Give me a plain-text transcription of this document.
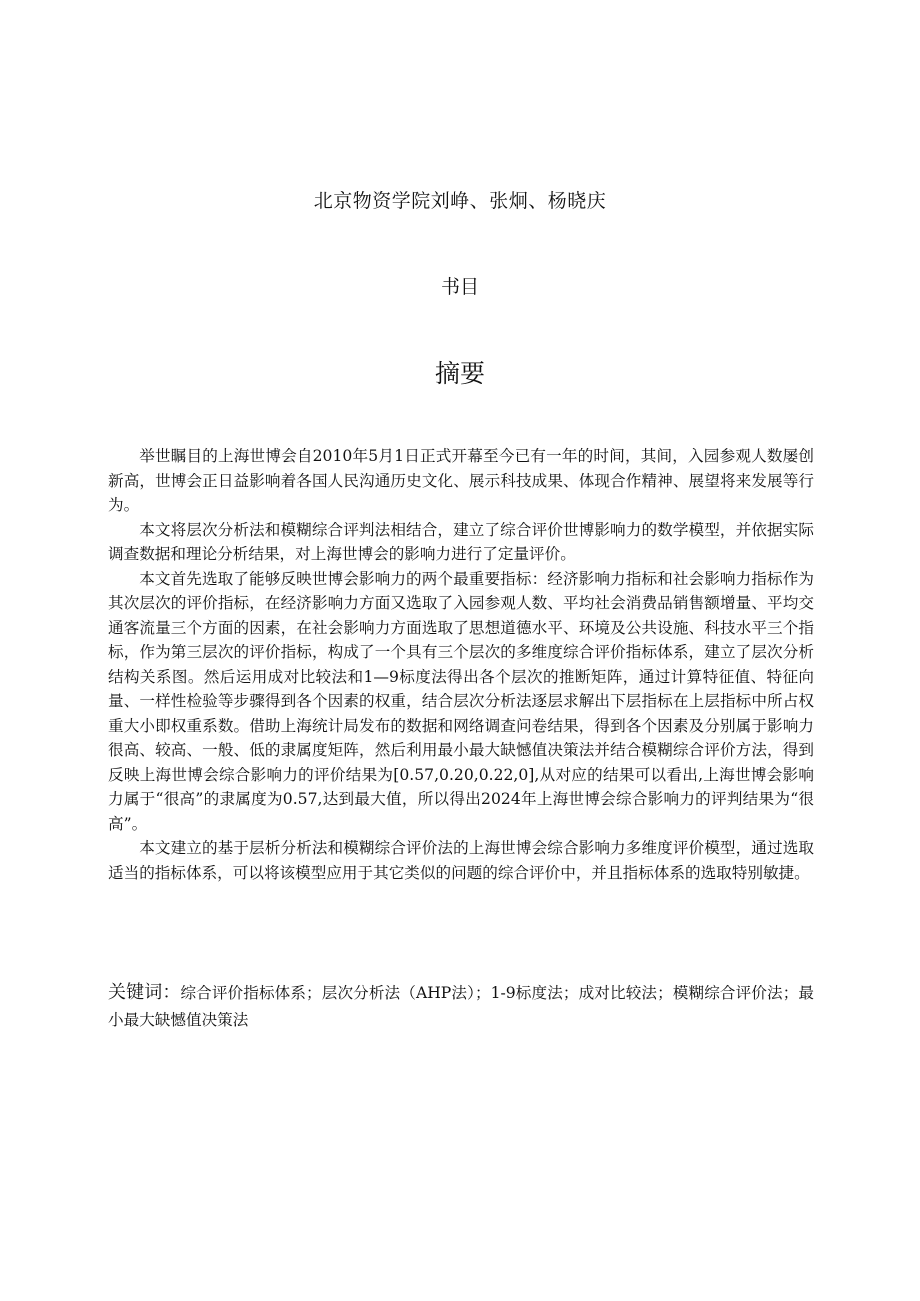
北京物资学院刘峥、张炯、杨晓庆
书目
摘要

举世瞩目的上海世博会自2010年5月1日正式开幕至今已有一年的时间，其间，入园参观人数屡创新高，世博会正日益影响着各国人民沟通历史文化、展示科技成果、体现合作精神、展望将来发展等行为。

本文将层次分析法和模糊综合评判法相结合，建立了综合评价世博影响力的数学模型，并依据实际调查数据和理论分析结果，对上海世博会的影响力进行了定量评价。

本文首先选取了能够反映世博会影响力的两个最重要指标：经济影响力指标和社会影响力指标作为其次层次的评价指标，在经济影响力方面又选取了入园参观人数、平均社会消费品销售额增量、平均交通客流量三个方面的因素，在社会影响力方面选取了思想道德水平、环境及公共设施、科技水平三个指标，作为第三层次的评价指标，构成了一个具有三个层次的多维度综合评价指标体系，建立了层次分析结构关系图。然后运用成对比较法和1—9标度法得出各个层次的推断矩阵，通过计算特征值、特征向量、一样性检验等步骤得到各个因素的权重，结合层次分析法逐层求解出下层指标在上层指标中所占权重大小即权重系数。借助上海统计局发布的数据和网络调查问卷结果，得到各个因素及分别属于影响力很高、较高、一般、低的隶属度矩阵，然后利用最小最大缺憾值决策法并结合模糊综合评价方法，得到反映上海世博会综合影响力的评价结果为[0.57,0.20,0.22,0],从对应的结果可以看出,上海世博会影响力属于“很高”的隶属度为0.57,达到最大值，所以得出2024年上海世博会综合影响力的评判结果为“很高”。

本文建立的基于层析分析法和模糊综合评价法的上海世博会综合影响力多维度评价模型，通过选取适当的指标体系，可以将该模型应用于其它类似的问题的综合评价中，并且指标体系的选取特别敏捷。

关键词：综合评价指标体系；层次分析法（AHP法）；1-9标度法；成对比较法；模糊综合评价法；最小最大缺憾值决策法
